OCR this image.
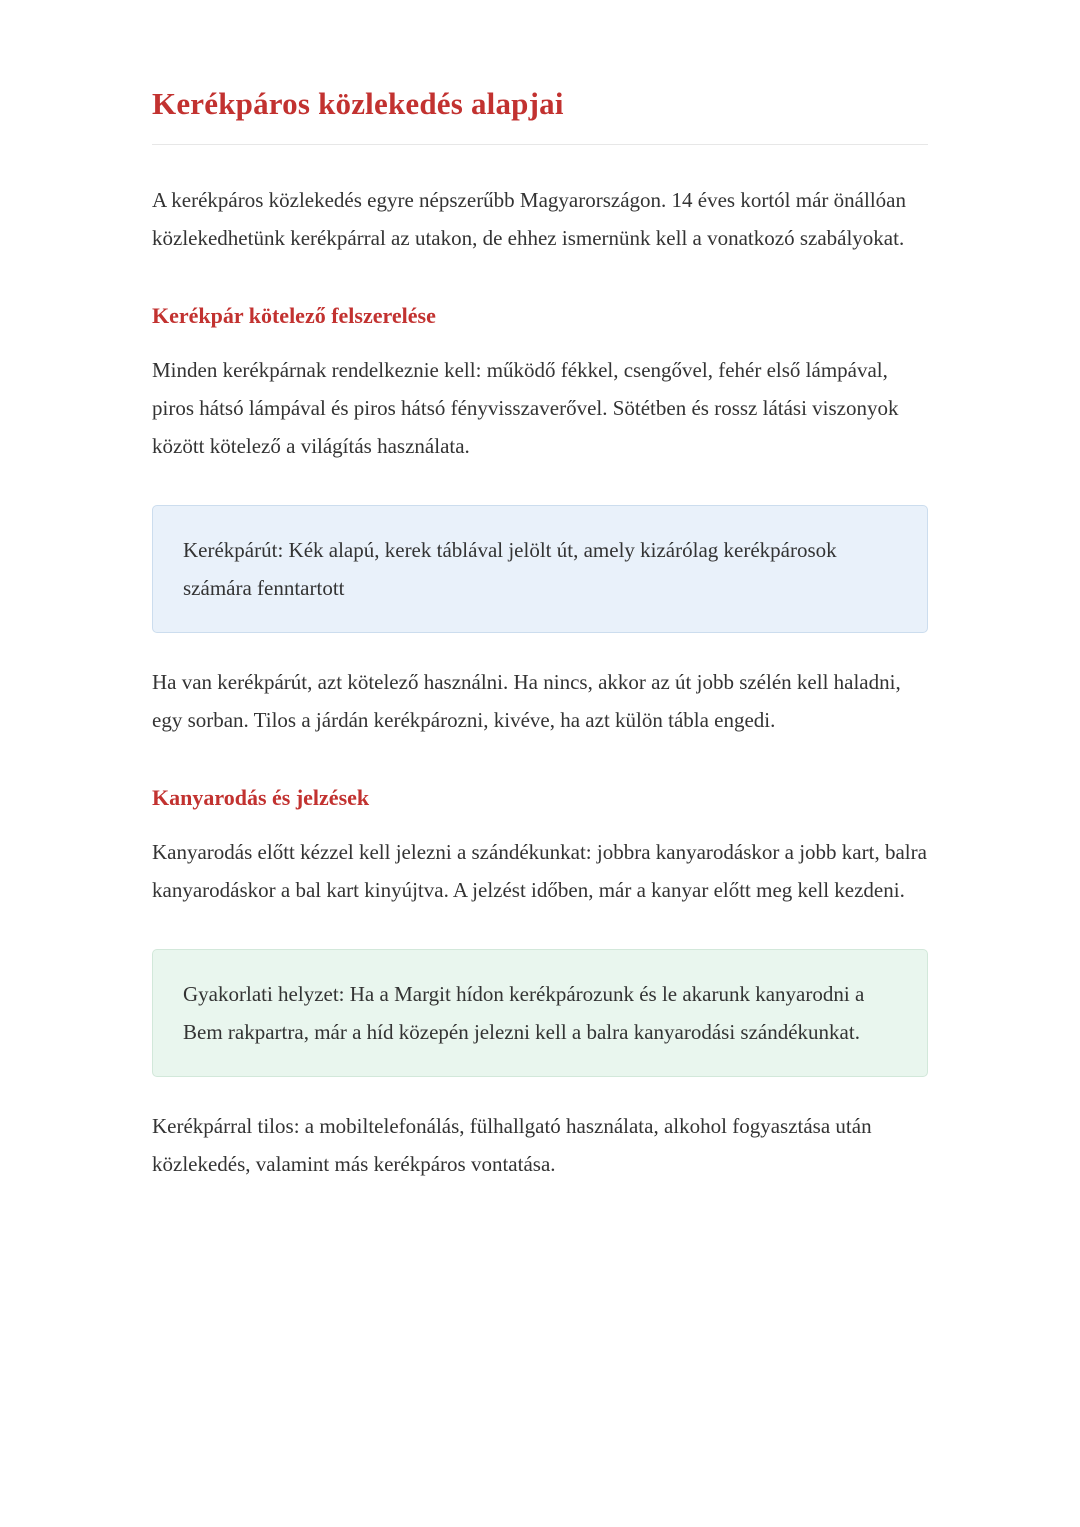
Kerékpáros közlekedés alapjai

A kerékpáros közlekedés egyre népszerűbb Magyarországon. 14 éves kortól már önállóan közlekedhetünk kerékpárral az utakon, de ehhez ismernünk kell a vonatkozó szabályokat.

Kerékpár kötelező felszerelése

Minden kerékpárnak rendelkeznie kell: működő fékkel, csengővel, fehér első lámpával, piros hátsó lámpával és piros hátsó fényvisszaverővel. Sötétben és rossz látási viszonyok között kötelező a világítás használata.

Kerékpárút: Kék alapú, kerek táblával jelölt út, amely kizárólag kerékpárosok számára fenntartott

Ha van kerékpárút, azt kötelező használni. Ha nincs, akkor az út jobb szélén kell haladni, egy sorban. Tilos a járdán kerékpározni, kivéve, ha azt külön tábla engedi.

Kanyarodás és jelzések

Kanyarodás előtt kézzel kell jelezni a szándékunkat: jobbra kanyarodáskor a jobb kart, balra kanyarodáskor a bal kart kinyújtva. A jelzést időben, már a kanyar előtt meg kell kezdeni.

Gyakorlati helyzet: Ha a Margit hídon kerékpározunk és le akarunk kanyarodni a Bem rakpartra, már a híd közepén jelezni kell a balra kanyarodási szándékunkat.

Kerékpárral tilos: a mobiltelefonálás, fülhallgató használata, alkohol fogyasztása után közlekedés, valamint más kerékpáros vontatása.
